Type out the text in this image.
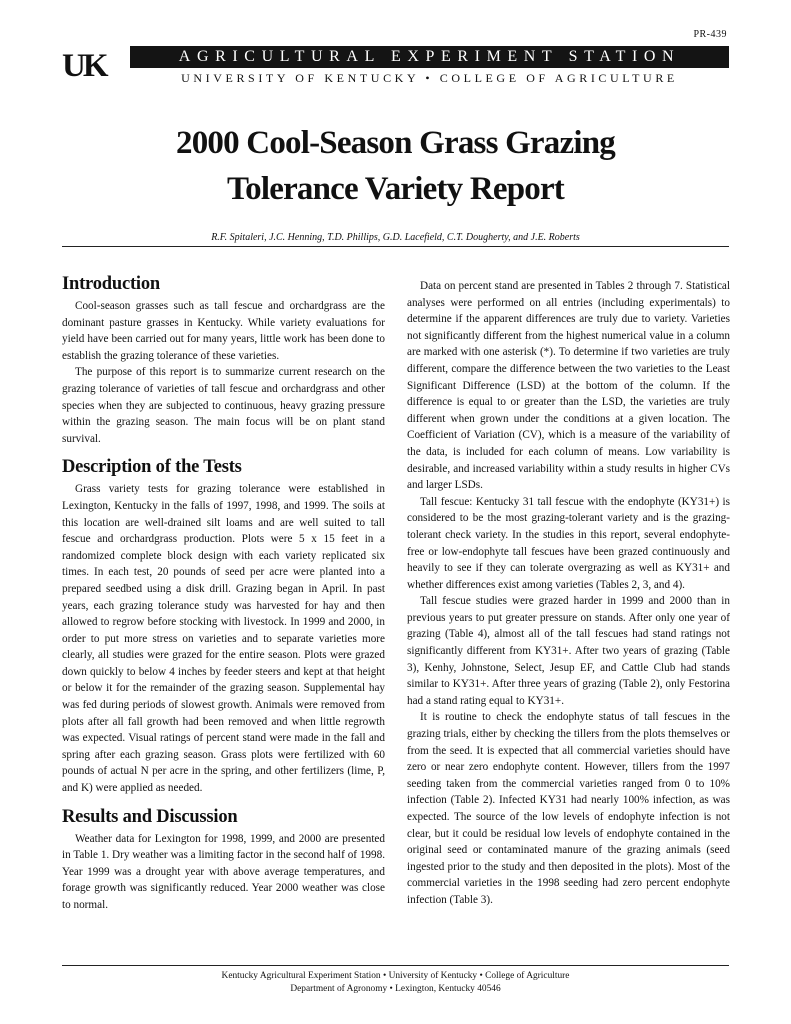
PR-439
UK	AGRICULTURAL EXPERIMENT STATION
UNIVERSITY OF KENTUCKY • COLLEGE OF AGRICULTURE
2000 Cool-Season Grass Grazing
Tolerance Variety Report
R.F. Spitaleri, J.C. Henning, T.D. Phillips, G.D. Lacefield, C.T. Dougherty, and J.E. Roberts
Introduction

Cool-season grasses such as tall fescue and orchardgrass are the dominant pasture grasses in Kentucky. While variety evaluations for yield have been carried out for many years, little work has been done to establish the grazing tolerance of these varieties.

The purpose of this report is to summarize current research on the grazing tolerance of varieties of tall fescue and orchardgrass and other species when they are subjected to continuous, heavy grazing pressure within the grazing season. The main focus will be on plant stand survival.

Description of the Tests

Grass variety tests for grazing tolerance were established in Lexington, Kentucky in the falls of 1997, 1998, and 1999. The soils at this location are well-drained silt loams and are well suited to tall fescue and orchardgrass production. Plots were 5 x 15 feet in a randomized complete block design with each variety replicated six times. In each test, 20 pounds of seed per acre were planted into a prepared seedbed using a disk drill. Grazing began in April. In past years, each grazing tolerance study was harvested for hay and then allowed to regrow before stocking with livestock. In 1999 and 2000, in order to put more stress on varieties and to separate varieties more clearly, all studies were grazed for the entire season. Plots were grazed down quickly to below 4 inches by feeder steers and kept at that height or below it for the remainder of the grazing season. Supplemental hay was fed during periods of slowest growth. Animals were removed from plots after all fall growth had been removed and when little regrowth was expected. Visual ratings of percent stand were made in the fall and spring after each grazing season. Grass plots were fertilized with 60 pounds of actual N per acre in the spring, and other fertilizers (lime, P, and K) were applied as needed.

Results and Discussion

Weather data for Lexington for 1998, 1999, and 2000 are presented in Table 1. Dry weather was a limiting factor in the second half of 1998. Year 1999 was a drought year with above average temperatures, and forage growth was significantly reduced. Year 2000 weather was close to normal.

Data on percent stand are presented in Tables 2 through 7. Statistical analyses were performed on all entries (including experimentals) to determine if the apparent differences are truly due to variety. Varieties not significantly different from the highest numerical value in a column are marked with one asterisk (*). To determine if two varieties are truly different, compare the difference between the two varieties to the Least Significant Difference (LSD) at the bottom of the column. If the difference is equal to or greater than the LSD, the varieties are truly different when grown under the conditions at a given location. The Coefficient of Variation (CV), which is a measure of the variability of the data, is included for each column of means. Low variability is desirable, and increased variability within a study results in higher CVs and larger LSDs.

Tall fescue: Kentucky 31 tall fescue with the endophyte (KY31+) is considered to be the most grazing-tolerant variety and is the grazing-tolerant check variety. In the studies in this report, several endophyte-free or low-endophyte tall fescues have been grazed continuously and heavily to see if they can tolerate overgrazing as well as KY31+ and whether differences exist among varieties (Tables 2, 3, and 4).

Tall fescue studies were grazed harder in 1999 and 2000 than in previous years to put greater pressure on stands. After only one year of grazing (Table 4), almost all of the tall fescues had stand ratings not significantly different from KY31+. After two years of grazing (Table 3), Kenhy, Johnstone, Select, Jesup EF, and Cattle Club had stands similar to KY31+. After three years of grazing (Table 2), only Festorina had a stand rating equal to KY31+.

It is routine to check the endophyte status of tall fescues in the grazing trials, either by checking the tillers from the plots themselves or from the seed. It is expected that all commercial varieties should have zero or near zero endophyte content. However, tillers from the 1997 seeding taken from the commercial varieties ranged from 0 to 10% infection (Table 2). Infected KY31 had nearly 100% infection, as was expected. The source of the low levels of endophyte infection is not clear, but it could be residual low levels of endophyte contained in the original seed or contaminated manure of the grazing animals (seed ingested prior to the study and then deposited in the plots). Most of the commercial varieties in the 1998 seeding had zero percent endophyte infection (Table 3).

Kentucky Agricultural Experiment Station • University of Kentucky • College of Agriculture
Department of Agronomy • Lexington, Kentucky 40546
